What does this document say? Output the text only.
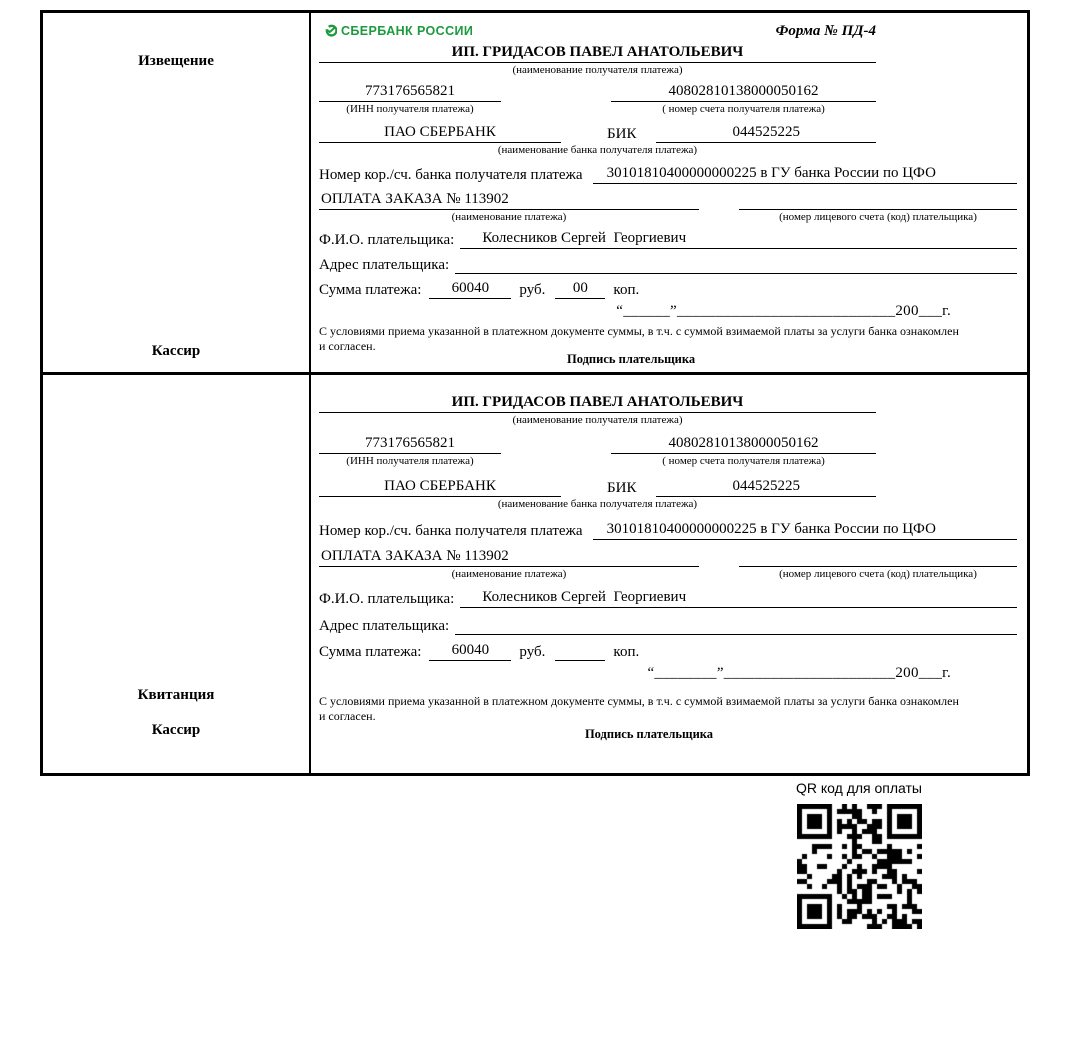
Извещение
Кассир
СБЕРБАНК РОССИИ	Форма № ПД-4
ИП. ГРИДАСОВ ПАВЕЛ АНАТОЛЬЕВИЧ
(наименование получателя платежа)
773176565821	40802810138000050162
(ИНН получателя платежа)	( номер счета получателя платежа)
ПАО СБЕРБАНК	БИК	044525225
(наименование банка получателя платежа)
Номер кор./сч. банка получателя платежа	30101810400000000225 в ГУ банка России по ЦФО
ОПЛАТА ЗАКАЗА № 113902
(наименование платежа)	(номер лицевого счета (код) плательщика)
Ф.И.О. плательщика:	Колесников Сергей  Георгиевич
Адрес плательщика:
Сумма платежа:	60040	руб.	00	коп.
“______”____________________________200___г.
С условиями приема указанной в платежном документе суммы, в т.ч. с суммой взимаемой платы за услуги банка ознакомлен и согласен.
Подпись плательщика
Квитанция
Кассир
ИП. ГРИДАСОВ ПАВЕЛ АНАТОЛЬЕВИЧ
(наименование получателя платежа)
773176565821	40802810138000050162
(ИНН получателя платежа)	( номер счета получателя платежа)
ПАО СБЕРБАНК	БИК	044525225
(наименование банка получателя платежа)
Номер кор./сч. банка получателя платежа	30101810400000000225 в ГУ банка России по ЦФО
ОПЛАТА ЗАКАЗА № 113902
(наименование платежа)	(номер лицевого счета (код) плательщика)
Ф.И.О. плательщика:	Колесников Сергей  Георгиевич
Адрес плательщика:
Сумма платежа:	60040	руб.	коп.
“________”______________________200___г.
С условиями приема указанной в платежном документе суммы, в т.ч. с суммой взимаемой платы за услуги банка ознакомлен и согласен.
Подпись плательщика
QR код для оплаты
